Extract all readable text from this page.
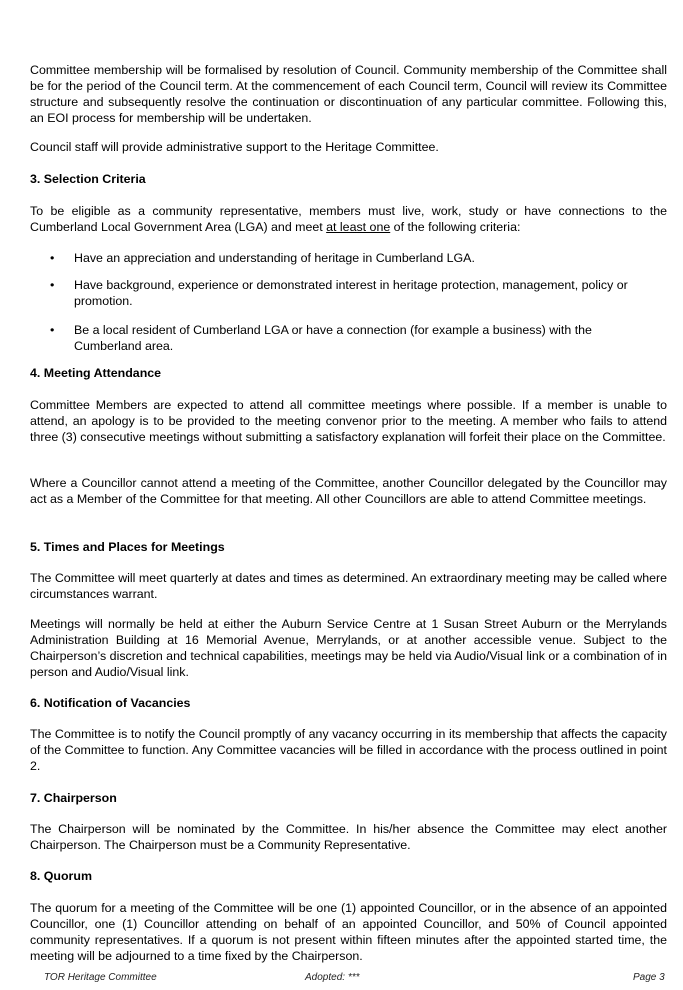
Committee membership will be formalised by resolution of Council. Community membership of the Committee shall be for the period of the Council term. At the commencement of each Council term, Council will review its Committee structure and subsequently resolve the continuation or discontinuation of any particular committee. Following this, an EOI process for membership will be undertaken.

Council staff will provide administrative support to the Heritage Committee.

3. Selection Criteria

To be eligible as a community representative, members must live, work, study or have connections to the Cumberland Local Government Area (LGA) and meet at least one of the following criteria:

• Have an appreciation and understanding of heritage in Cumberland LGA.
• Have background, experience or demonstrated interest in heritage protection, management, policy or promotion.
• Be a local resident of Cumberland LGA or have a connection (for example a business) with the Cumberland area.
4. Meeting Attendance

Committee Members are expected to attend all committee meetings where possible. If a member is unable to attend, an apology is to be provided to the meeting convenor prior to the meeting. A member who fails to attend three (3) consecutive meetings without submitting a satisfactory explanation will forfeit their place on the Committee.

Where a Councillor cannot attend a meeting of the Committee, another Councillor delegated by the Councillor may act as a Member of the Committee for that meeting. All other Councillors are able to attend Committee meetings.

5. Times and Places for Meetings

The Committee will meet quarterly at dates and times as determined. An extraordinary meeting may be called where circumstances warrant.

Meetings will normally be held at either the Auburn Service Centre at 1 Susan Street Auburn or the Merrylands Administration Building at 16 Memorial Avenue, Merrylands, or at another accessible venue. Subject to the Chairperson’s discretion and technical capabilities, meetings may be held via Audio/Visual link or a combination of in person and Audio/Visual link.

6. Notification of Vacancies

The Committee is to notify the Council promptly of any vacancy occurring in its membership that affects the capacity of the Committee to function. Any Committee vacancies will be filled in accordance with the process outlined in point 2.

7. Chairperson

The Chairperson will be nominated by the Committee. In his/her absence the Committee may elect another Chairperson. The Chairperson must be a Community Representative.

8. Quorum

The quorum for a meeting of the Committee will be one (1) appointed Councillor, or in the absence of an appointed Councillor, one (1) Councillor attending on behalf of an appointed Councillor, and 50% of Council appointed community representatives. If a quorum is not present within fifteen minutes after the appointed started time, the meeting will be adjourned to a time fixed by the Chairperson.

TOR Heritage Committee	Adopted: ***	Page 3
